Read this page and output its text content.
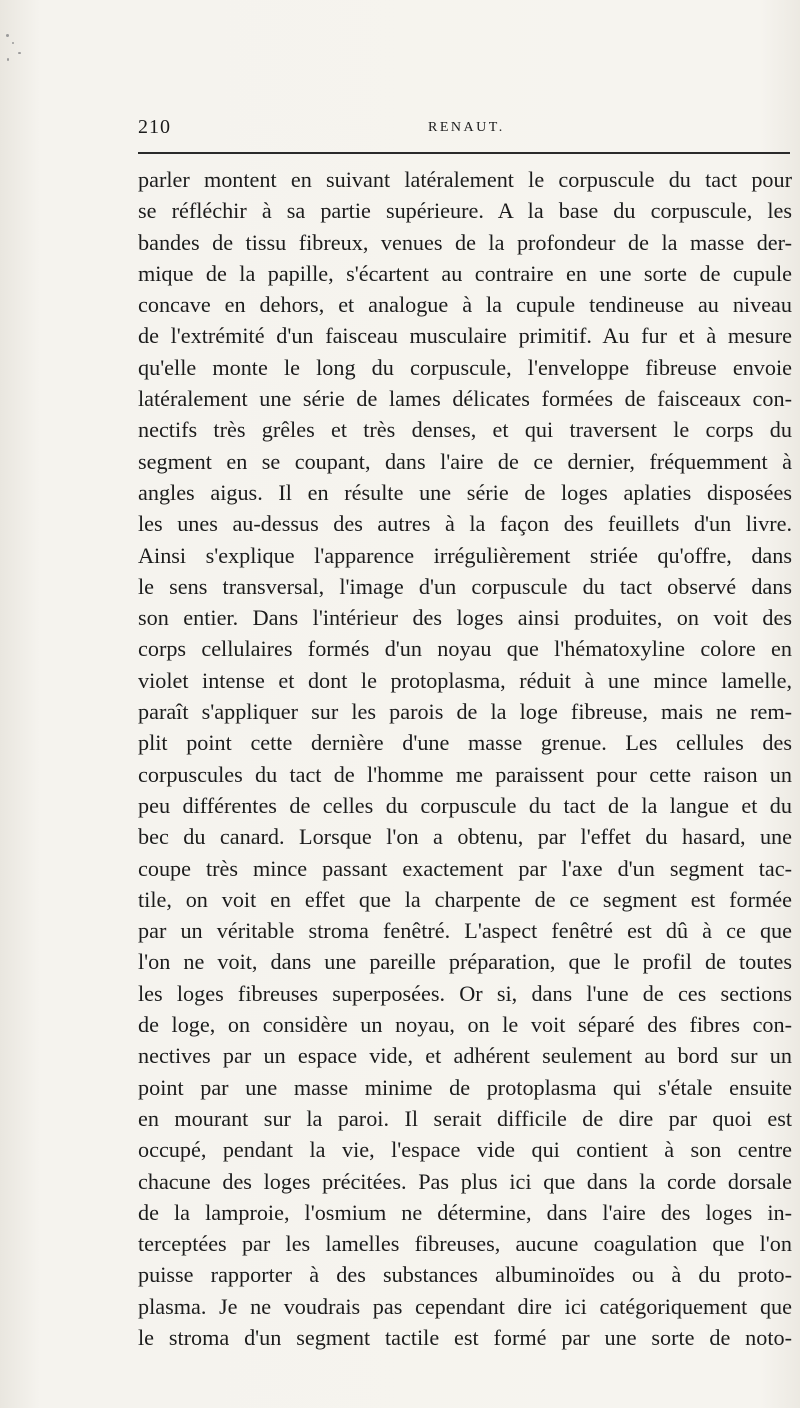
210	RENAUT.
parler montent en suivant latéralement le corpuscule du tact pour
se réfléchir à sa partie supérieure. A la base du corpuscule, les
bandes de tissu fibreux, venues de la profondeur de la masse der-
mique de la papille, s'écartent au contraire en une sorte de cupule
concave en dehors, et analogue à la cupule tendineuse au niveau
de l'extrémité d'un faisceau musculaire primitif. Au fur et à mesure
qu'elle monte le long du corpuscule, l'enveloppe fibreuse envoie
latéralement une série de lames délicates formées de faisceaux con-
nectifs très grêles et très denses, et qui traversent le corps du
segment en se coupant, dans l'aire de ce dernier, fréquemment à
angles aigus. Il en résulte une série de loges aplaties disposées
les unes au-dessus des autres à la façon des feuillets d'un livre.
Ainsi s'explique l'apparence irrégulièrement striée qu'offre, dans
le sens transversal, l'image d'un corpuscule du tact observé dans
son entier. Dans l'intérieur des loges ainsi produites, on voit des
corps cellulaires formés d'un noyau que l'hématoxyline colore en
violet intense et dont le protoplasma, réduit à une mince lamelle,
paraît s'appliquer sur les parois de la loge fibreuse, mais ne rem-
plit point cette dernière d'une masse grenue. Les cellules des
corpuscules du tact de l'homme me paraissent pour cette raison un
peu différentes de celles du corpuscule du tact de la langue et du
bec du canard. Lorsque l'on a obtenu, par l'effet du hasard, une
coupe très mince passant exactement par l'axe d'un segment tac-
tile, on voit en effet que la charpente de ce segment est formée
par un véritable stroma fenêtré. L'aspect fenêtré est dû à ce que
l'on ne voit, dans une pareille préparation, que le profil de toutes
les loges fibreuses superposées. Or si, dans l'une de ces sections
de loge, on considère un noyau, on le voit séparé des fibres con-
nectives par un espace vide, et adhérent seulement au bord sur un
point par une masse minime de protoplasma qui s'étale ensuite
en mourant sur la paroi. Il serait difficile de dire par quoi est
occupé, pendant la vie, l'espace vide qui contient à son centre
chacune des loges précitées. Pas plus ici que dans la corde dorsale
de la lamproie, l'osmium ne détermine, dans l'aire des loges in-
terceptées par les lamelles fibreuses, aucune coagulation que l'on
puisse rapporter à des substances albuminoïdes ou à du proto-
plasma. Je ne voudrais pas cependant dire ici catégoriquement que
le stroma d'un segment tactile est formé par une sorte de noto-
